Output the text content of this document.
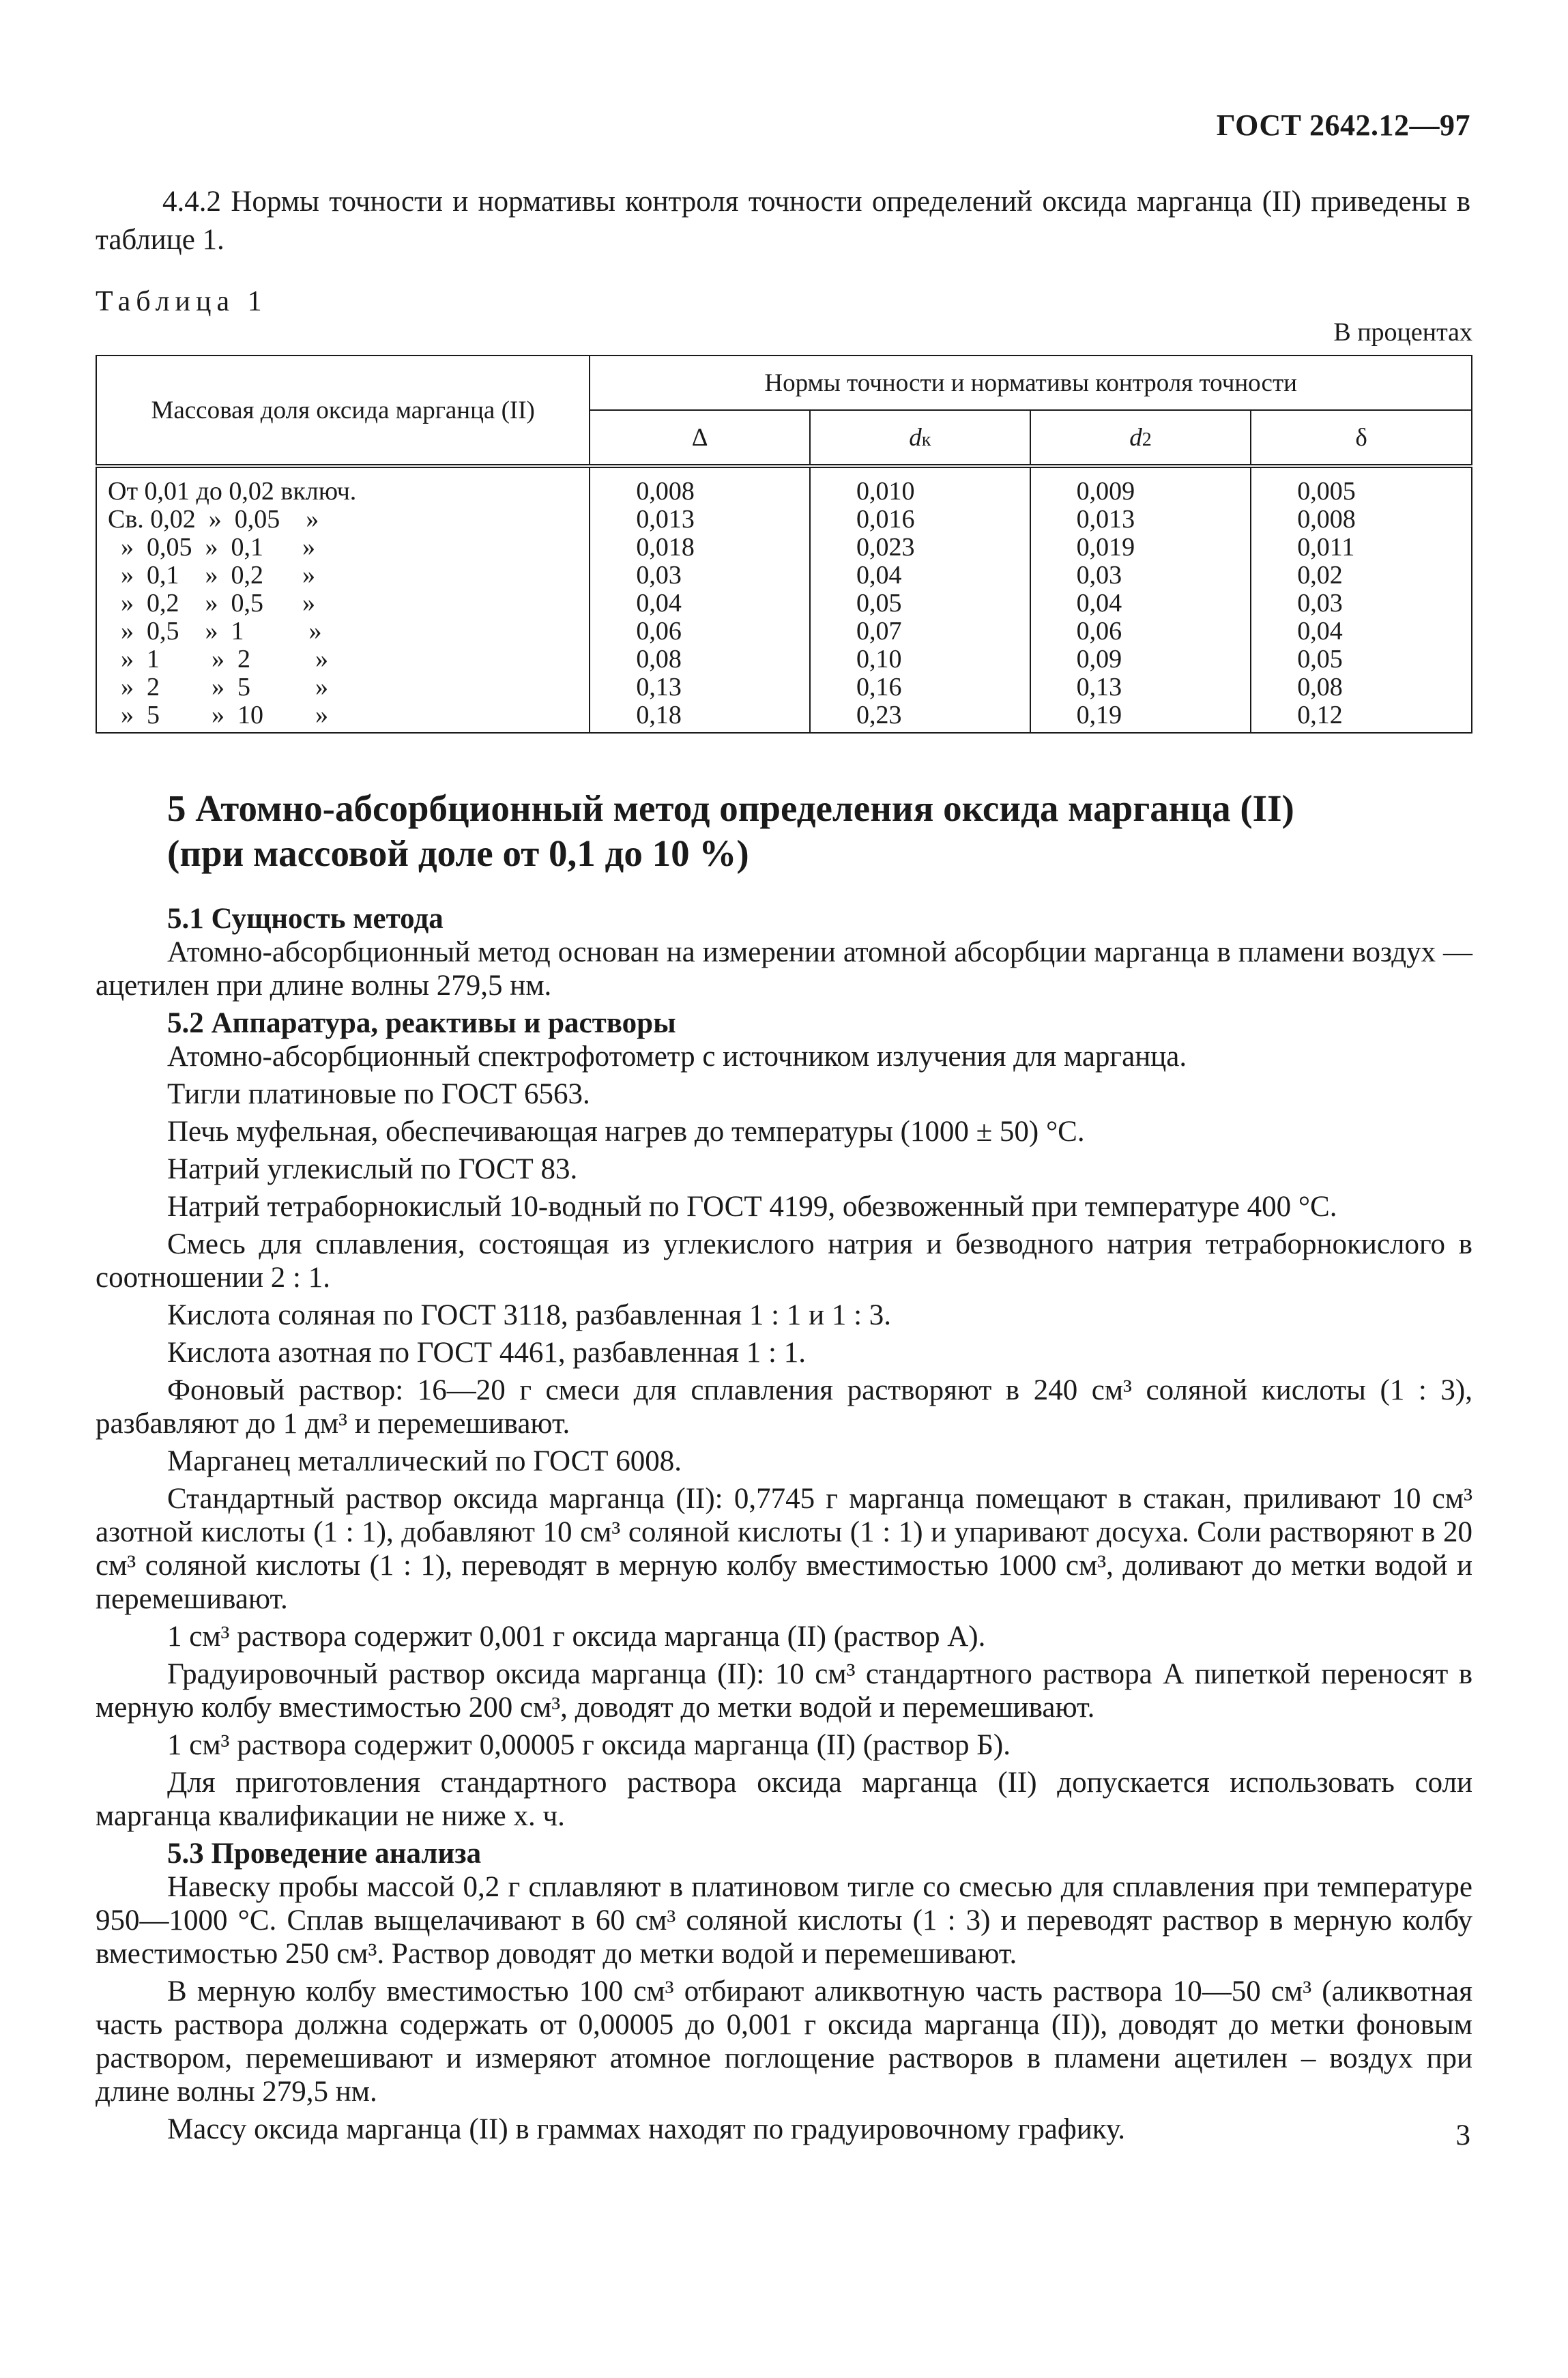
ГОСТ 2642.12—97

4.4.2 Нормы точности и нормативы контроля точности определений оксида марганца (II) приведены в таблице 1.

Таблица 1
В процентах
Массовая доля оксида марганца (II)	Нормы точности и нормативы контроля точности			
	Δ	dк	d2	δ
От 0,01 до 0,02 включ.	0,008	0,010	0,009	0,005
Св. 0,02  »  0,05    »	0,013	0,016	0,013	0,008
»  0,05  »  0,1      »	0,018	0,023	0,019	0,011
»  0,1    »  0,2      »	0,03	0,04	0,03	0,02
»  0,2    »  0,5      »	0,04	0,05	0,04	0,03
»  0,5    »  1          »	0,06	0,07	0,06	0,04
»  1        »  2          »	0,08	0,10	0,09	0,05
»  2        »  5          »	0,13	0,16	0,13	0,08
»  5        »  10        »	0,18	0,23	0,19	0,12
5 Атомно-абсорбционный метод определения оксида марганца (II)
(при массовой доле от 0,1 до 10 %)
5.1 Сущность метода

Атомно-абсорбционный метод основан на измерении атомной абсорбции марганца в пламени воздух — ацетилен при длине волны 279,5 нм.

5.2 Аппаратура, реактивы и растворы

Атомно-абсорбционный спектрофотометр с источником излучения для марганца.

Тигли платиновые по ГОСТ 6563.

Печь муфельная, обеспечивающая нагрев до температуры (1000 ± 50) °С.

Натрий углекислый по ГОСТ 83.

Натрий тетраборнокислый 10-водный по ГОСТ 4199, обезвоженный при температуре 400 °С.

Смесь для сплавления, состоящая из углекислого натрия и безводного натрия тетраборнокислого в соотношении 2 : 1.

Кислота соляная по ГОСТ 3118, разбавленная 1 : 1 и 1 : 3.

Кислота азотная по ГОСТ 4461, разбавленная 1 : 1.

Фоновый раствор: 16—20 г смеси для сплавления растворяют в 240 см³ соляной кислоты (1 : 3), разбавляют до 1 дм³ и перемешивают.

Марганец металлический по ГОСТ 6008.

Стандартный раствор оксида марганца (II): 0,7745 г марганца помещают в стакан, приливают 10 см³ азотной кислоты (1 : 1), добавляют 10 см³ соляной кислоты (1 : 1) и упаривают досуха. Соли растворяют в 20 см³ соляной кислоты (1 : 1), переводят в мерную колбу вместимостью 1000 см³, доливают до метки водой и перемешивают.

1 см³ раствора содержит 0,001 г оксида марганца (II) (раствор А).

Градуировочный раствор оксида марганца (II): 10 см³ стандартного раствора А пипеткой переносят в мерную колбу вместимостью 200 см³, доводят до метки водой и перемешивают.

1 см³ раствора содержит 0,00005 г оксида марганца (II) (раствор Б).

Для приготовления стандартного раствора оксида марганца (II) допускается использовать соли марганца квалификации не ниже х. ч.

5.3 Проведение анализа

Навеску пробы массой 0,2 г сплавляют в платиновом тигле со смесью для сплавления при температуре 950—1000 °С. Сплав выщелачивают в 60 см³ соляной кислоты (1 : 3) и переводят раствор в мерную колбу вместимостью 250 см³. Раствор доводят до метки водой и перемешивают.

В мерную колбу вместимостью 100 см³ отбирают аликвотную часть раствора 10—50 см³ (аликвотная часть раствора должна содержать от 0,00005 до 0,001 г оксида марганца (II)), доводят до метки фоновым раствором, перемешивают и измеряют атомное поглощение растворов в пламени ацетилен – воздух при длине волны 279,5 нм.

Массу оксида марганца (II) в граммах находят по градуировочному графику.	3
